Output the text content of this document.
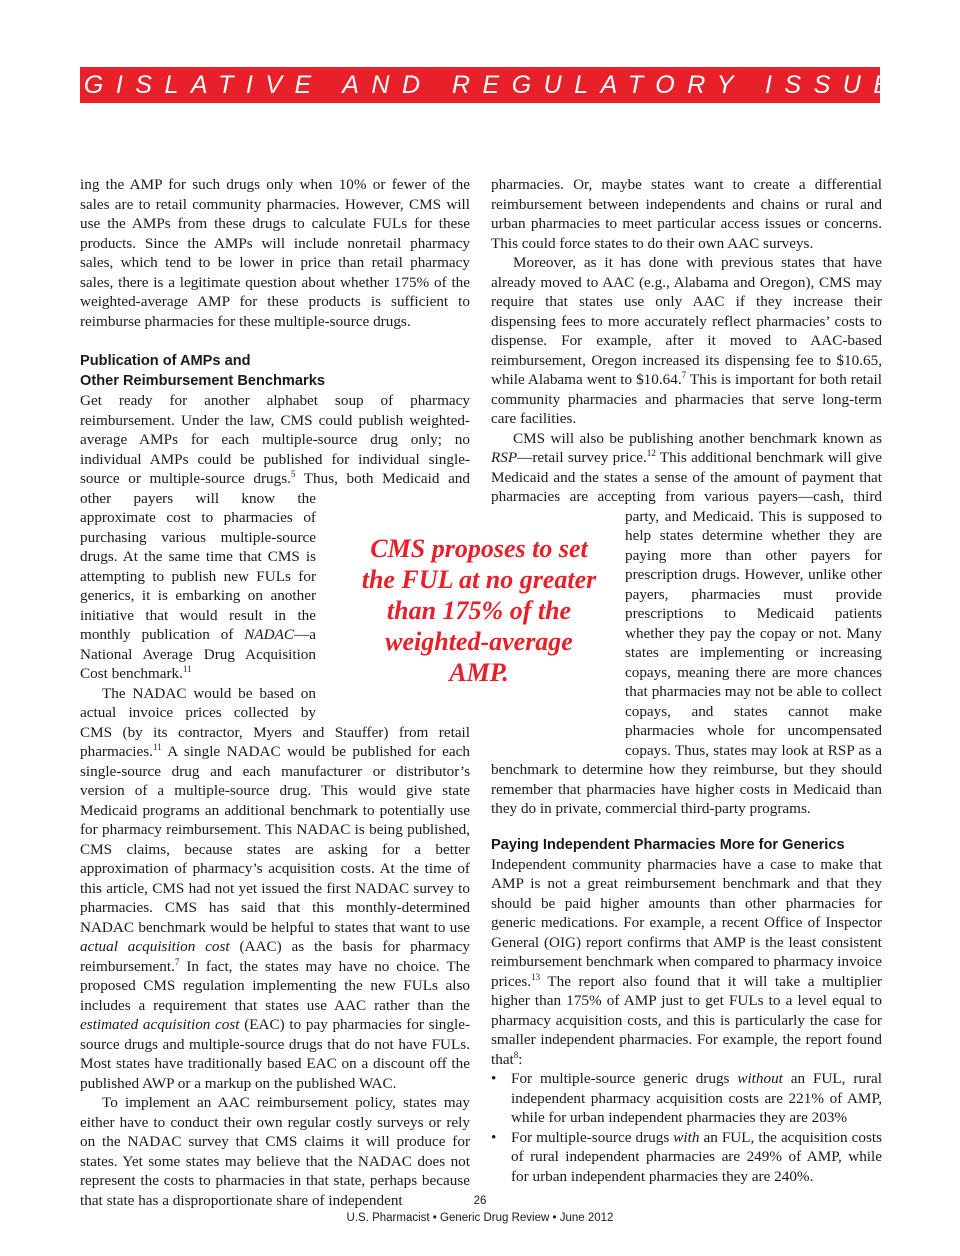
LEGISLATIVE AND REGULATORY ISSUES

ing the AMP for such drugs only when 10% or fewer of the sales are to retail community pharmacies. However, CMS will use the AMPs from these drugs to calculate FULs for these products. Since the AMPs will include nonretail pharmacy sales, which tend to be lower in price than retail pharmacy sales, there is a legitimate question about whether 175% of the weighted-average AMP for these products is sufficient to reimburse pharmacies for these multiple-source drugs.

Publication of AMPs and
Other Reimbursement Benchmarks

Get ready for another alphabet soup of pharmacy reimbursement. Under the law, CMS could publish weighted-average AMPs for each multiple-source drug only; no individual AMPs could be published for individual single-source or multiple-source drugs.$^5$ Thus, both Medicaid and other payers will know the approximate cost to pharmacies of purchasing various multiple-source drugs. At the same time that CMS is attempting to publish new FULs for generics, it is embarking on another initiative that would result in the monthly publication of NADAC—a National Average Drug Acquisition Cost benchmark.$^{11}$

The NADAC would be based on actual invoice prices collected by CMS (by its contractor, Myers and Stauffer) from retail pharmacies.$^{11}$ A single NADAC would be published for each single-source drug and each manufacturer or distributor’s version of a multiple-source drug. This would give state Medicaid programs an additional benchmark to potentially use for pharmacy reimbursement. This NADAC is being published, CMS claims, because states are asking for a better approximation of pharmacy’s acquisition costs. At the time of this article, CMS had not yet issued the first NADAC survey to pharmacies. CMS has said that this monthly-determined NADAC benchmark would be helpful to states that want to use actual acquisition cost (AAC) as the basis for pharmacy reimbursement.$^7$ In fact, the states may have no choice. The proposed CMS regulation implementing the new FULs also includes a requirement that states use AAC rather than the estimated acquisition cost (EAC) to pay pharmacies for single-source drugs and multiple-source drugs that do not have FULs. Most states have traditionally based EAC on a discount off the published AWP or a markup on the published WAC.

To implement an AAC reimbursement policy, states may either have to conduct their own regular costly surveys or rely on the NADAC survey that CMS claims it will produce for states. Yet some states may believe that the NADAC does not represent the costs to pharmacies in that state, perhaps because that state has a disproportionate share of independent

pharmacies. Or, maybe states want to create a differential reimbursement between independents and chains or rural and urban pharmacies to meet particular access issues or concerns. This could force states to do their own AAC surveys.

Moreover, as it has done with previous states that have already moved to AAC (e.g., Alabama and Oregon), CMS may require that states use only AAC if they increase their dispensing fees to more accurately reflect pharmacies’ costs to dispense. For example, after it moved to AAC-based reimbursement, Oregon increased its dispensing fee to $10.65, while Alabama went to $10.64.$^7$ This is important for both retail community pharmacies and pharmacies that serve long-term care facilities.

CMS will also be publishing another benchmark known as RSP—retail survey price.$^{12}$ This additional benchmark will give Medicaid and the states a sense of the amount of payment that pharmacies are accepting from various payers—cash, third party, and Medicaid. This is supposed to help states determine whether they are paying more than other payers for prescription drugs. However, unlike other payers, pharmacies must provide prescriptions to Medicaid patients whether they pay the copay or not. Many states are implementing or increasing copays, meaning there are more chances that pharmacies may not be able to collect copays, and states cannot make pharmacies whole for uncompensated copays. Thus, states may look at RSP as a benchmark to determine how they reimburse, but they should remember that pharmacies have higher costs in Medicaid than they do in private, commercial third-party programs.

Paying Independent Pharmacies More for Generics

Independent community pharmacies have a case to make that AMP is not a great reimbursement benchmark and that they should be paid higher amounts than other pharmacies for generic medications. For example, a recent Office of Inspector General (OIG) report confirms that AMP is the least consistent reimbursement benchmark when compared to pharmacy invoice prices.$^{13}$ The report also found that it will take a multiplier higher than 175% of AMP just to get FULs to a level equal to pharmacy acquisition costs, and this is particularly the case for smaller independent pharmacies. For example, the report found that$^8$:

• For multiple-source generic drugs without an FUL, rural independent pharmacy acquisition costs are 221% of AMP, while for urban independent pharmacies they are 203%
• For multiple-source drugs with an FUL, the acquisition costs of rural independent pharmacies are 249% of AMP, while for urban independent pharmacies they are 240%.
CMS proposes to set the FUL at no greater than 175% of the weighted-average AMP.
26
U.S. Pharmacist • Generic Drug Review • June 2012
